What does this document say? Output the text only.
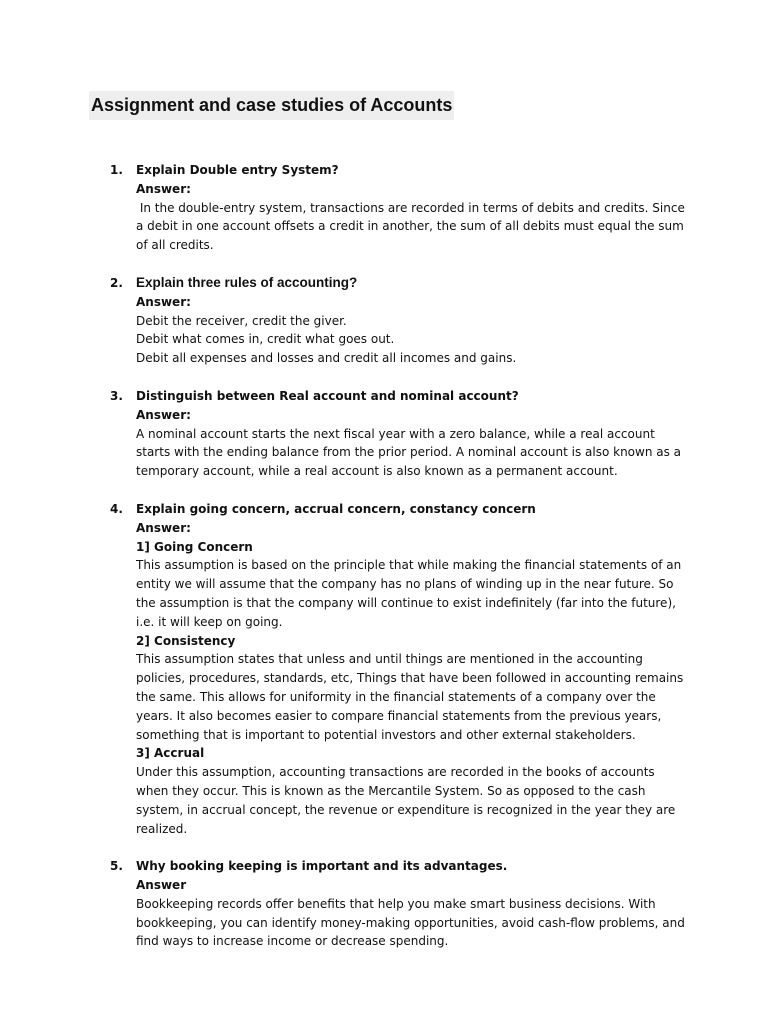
Assignment and case studies of Accounts
1. Explain Double entry System?
Answer:

In the double-entry system, transactions are recorded in terms of debits and credits. Since a debit in one account offsets a credit in another, the sum of all debits must equal the sum of all credits.

2. Explain three rules of accounting?
Answer:

Debit the receiver, credit the giver.

Debit what comes in, credit what goes out.

Debit all expenses and losses and credit all incomes and gains.

3. Distinguish between Real account and nominal account?
Answer:

A nominal account starts the next fiscal year with a zero balance, while a real account starts with the ending balance from the prior period. A nominal account is also known as a temporary account, while a real account is also known as a permanent account.

4. Explain going concern, accrual concern, constancy concern
Answer:
1] Going Concern

This assumption is based on the principle that while making the financial statements of an entity we will assume that the company has no plans of winding up in the near future. So the assumption is that the company will continue to exist indefinitely (far into the future), i.e. it will keep on going.

2] Consistency

This assumption states that unless and until things are mentioned in the accounting policies, procedures, standards, etc, Things that have been followed in accounting remains the same. This allows for uniformity in the financial statements of a company over the years. It also becomes easier to compare financial statements from the previous years, something that is important to potential investors and other external stakeholders.

3] Accrual

Under this assumption, accounting transactions are recorded in the books of accounts when they occur. This is known as the Mercantile System. So as opposed to the cash system, in accrual concept, the revenue or expenditure is recognized in the year they are realized.

5. Why booking keeping is important and its advantages.
Answer

Bookkeeping records offer benefits that help you make smart business decisions. With bookkeeping, you can identify money-making opportunities, avoid cash-flow problems, and find ways to increase income or decrease spending.
